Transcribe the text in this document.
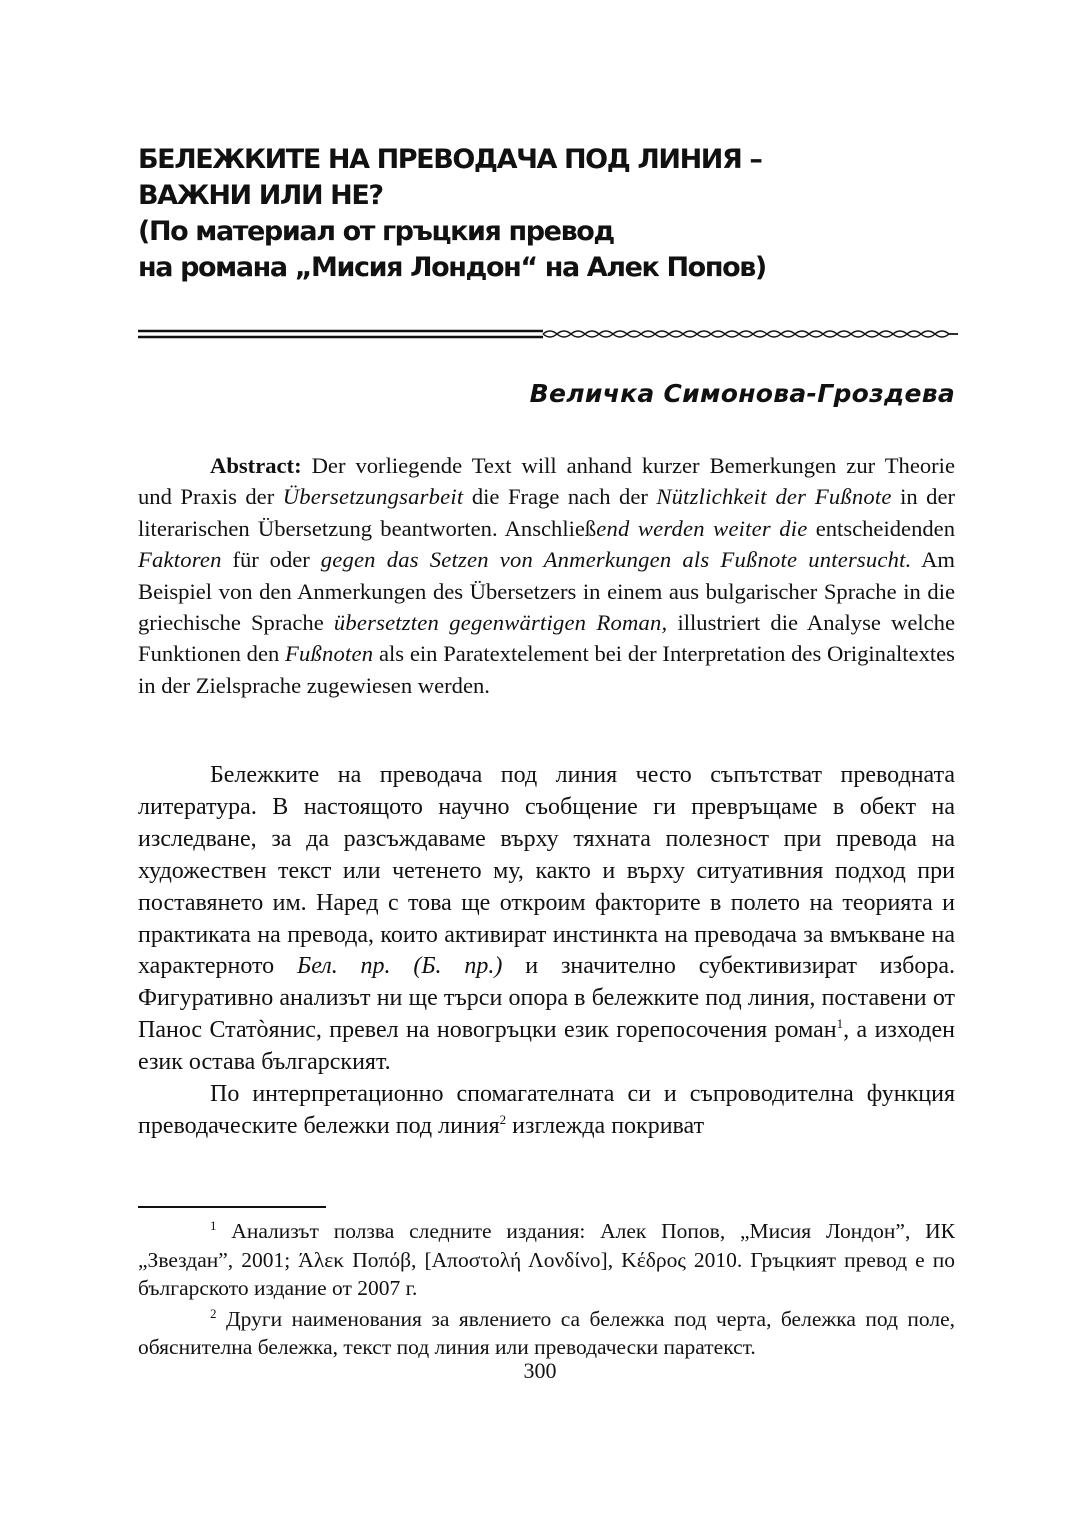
БЕЛЕЖКИТЕ НА ПРЕВОДАЧА ПОД ЛИНИЯ –
ВАЖНИ ИЛИ НЕ?
(По материал от гръцкия превод
на романа „Мисия Лондон“ на Алек Попов)

Величка Симонова-Гроздева

Abstract: Der vorliegende Text will anhand kurzer Bemerkungen zur Theorie und Praxis der Übersetzungsarbeit die Frage nach der Nützlichkeit der Fußnote in der literarischen Übersetzung beantworten. Anschließend werden weiter die entscheidenden Faktoren für oder gegen das Setzen von Anmerkungen als Fußnote untersucht. Am Beispiel von den Anmerkungen des Übersetzers in einem aus bulgarischer Sprache in die griechische Sprache übersetzten gegenwärtigen Roman, illustriert die Analyse welche Funktionen den Fußnoten als ein Paratextelement bei der Interpretation des Originaltextes in der Zielsprache zugewiesen werden.

Бележките на преводача под линия често съпътстват преводната литература. В настоящото научно съобщение ги превръщаме в обект на изследване, за да разсъждаваме върху тяхната полезност при превода на художествен текст или четенето му, както и върху ситуативния подход при поставянето им. Наред с това ще откроим факторите в полето на теорията и практиката на превода, които активират инстинкта на преводача за вмъкване на характерното Бел. пр. (Б. пр.) и значително субективизират избора. Фигуративно анализът ни ще търси опора в бележките под линия, поставени от Панос Статòянис, превел на новогръцки език горепосочения роман$^1$, а изходен език остава българският.

По интерпретационно спомагателната си и съпроводителна функция преводаческите бележки под линия$^2$ изглежда покриват

$^1$ Анализът ползва следните издания: Алек Попов, „Мисия Лондон”, ИК „Звездан”, 2001; Άλεκ Ποπόβ, [Αποστολή Λονδίνο], Κέδρος 2010. Гръцкият превод е по българското издание от 2007 г.

$^2$ Други наименования за явлението са бележка под черта, бележка под поле, обяснителна бележка, текст под линия или преводачески паратекст.

300
